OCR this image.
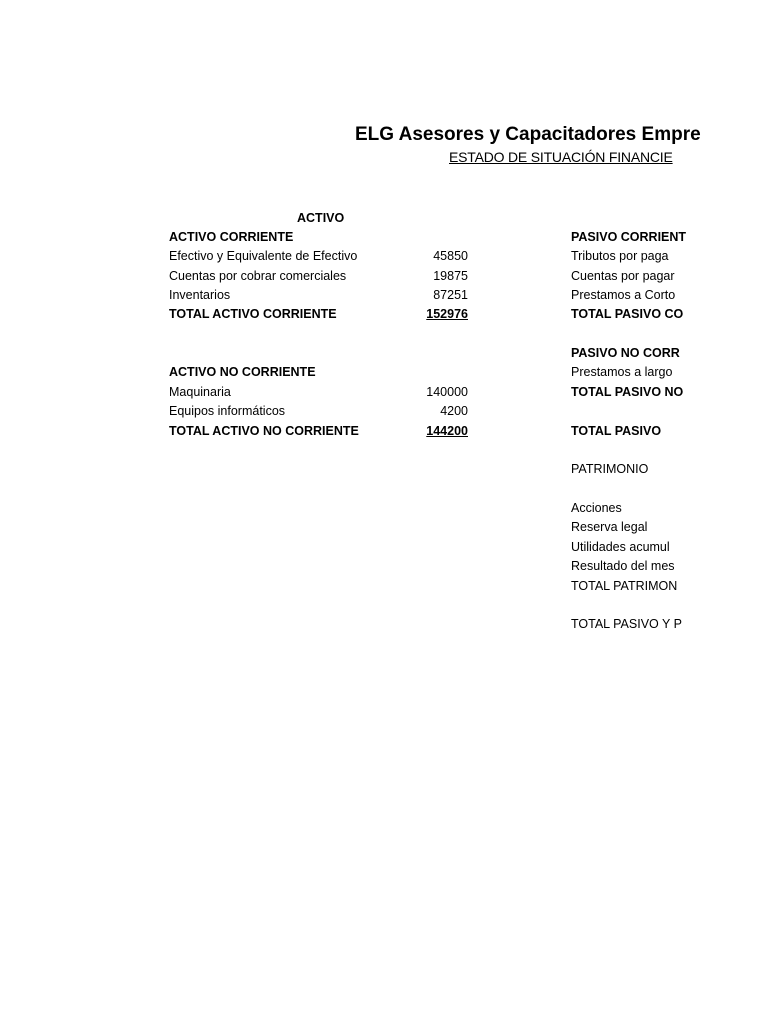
ELG Asesores y Capacitadores Empre
ESTADO DE SITUACIÓN FINANCIE
ACTIVO
ACTIVO CORRIENTE
Efectivo y Equivalente de Efectivo	45850
Cuentas por cobrar comerciales	19875
Inventarios	87251
TOTAL ACTIVO CORRIENTE	152976
ACTIVO NO CORRIENTE
Maquinaria	140000
Equipos informáticos	4200
TOTAL ACTIVO NO CORRIENTE	144200
PASIVO CORRIENT
Tributos por paga
Cuentas por pagar
Prestamos a Corto
TOTAL PASIVO CO
PASIVO NO CORR
Prestamos a largo
TOTAL PASIVO NO
TOTAL PASIVO
PATRIMONIO
Acciones
Reserva legal
Utilidades acumul
Resultado del mes
TOTAL PATRIMON
TOTAL PASIVO Y P
